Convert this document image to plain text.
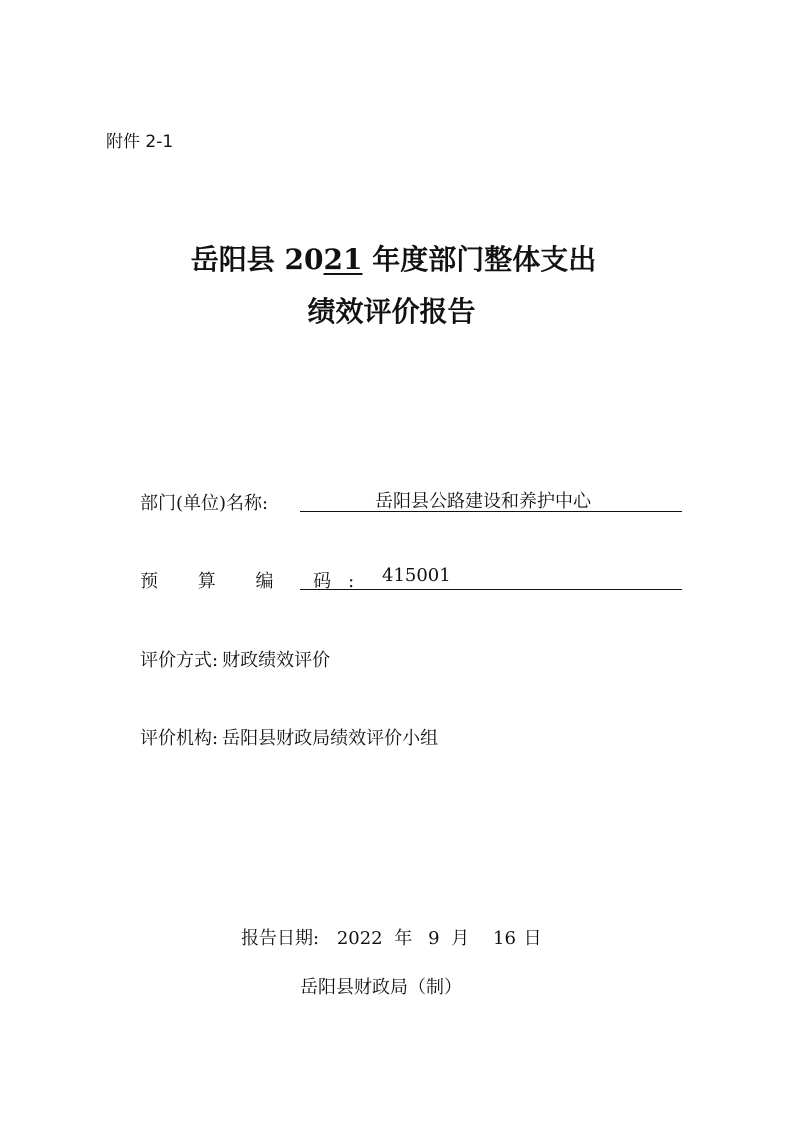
附件 2-1
岳阳县 2021 年度部门整体支出
绩效评价报告
部门(单位)名称:	岳阳县公路建设和养护中心
预 算 编 码: 415001
评价方式: 财政绩效评价
评价机构: 岳阳县财政局绩效评价小组
报告日期: 2022 年 9 月 16 日
岳阳县财政局（制）
